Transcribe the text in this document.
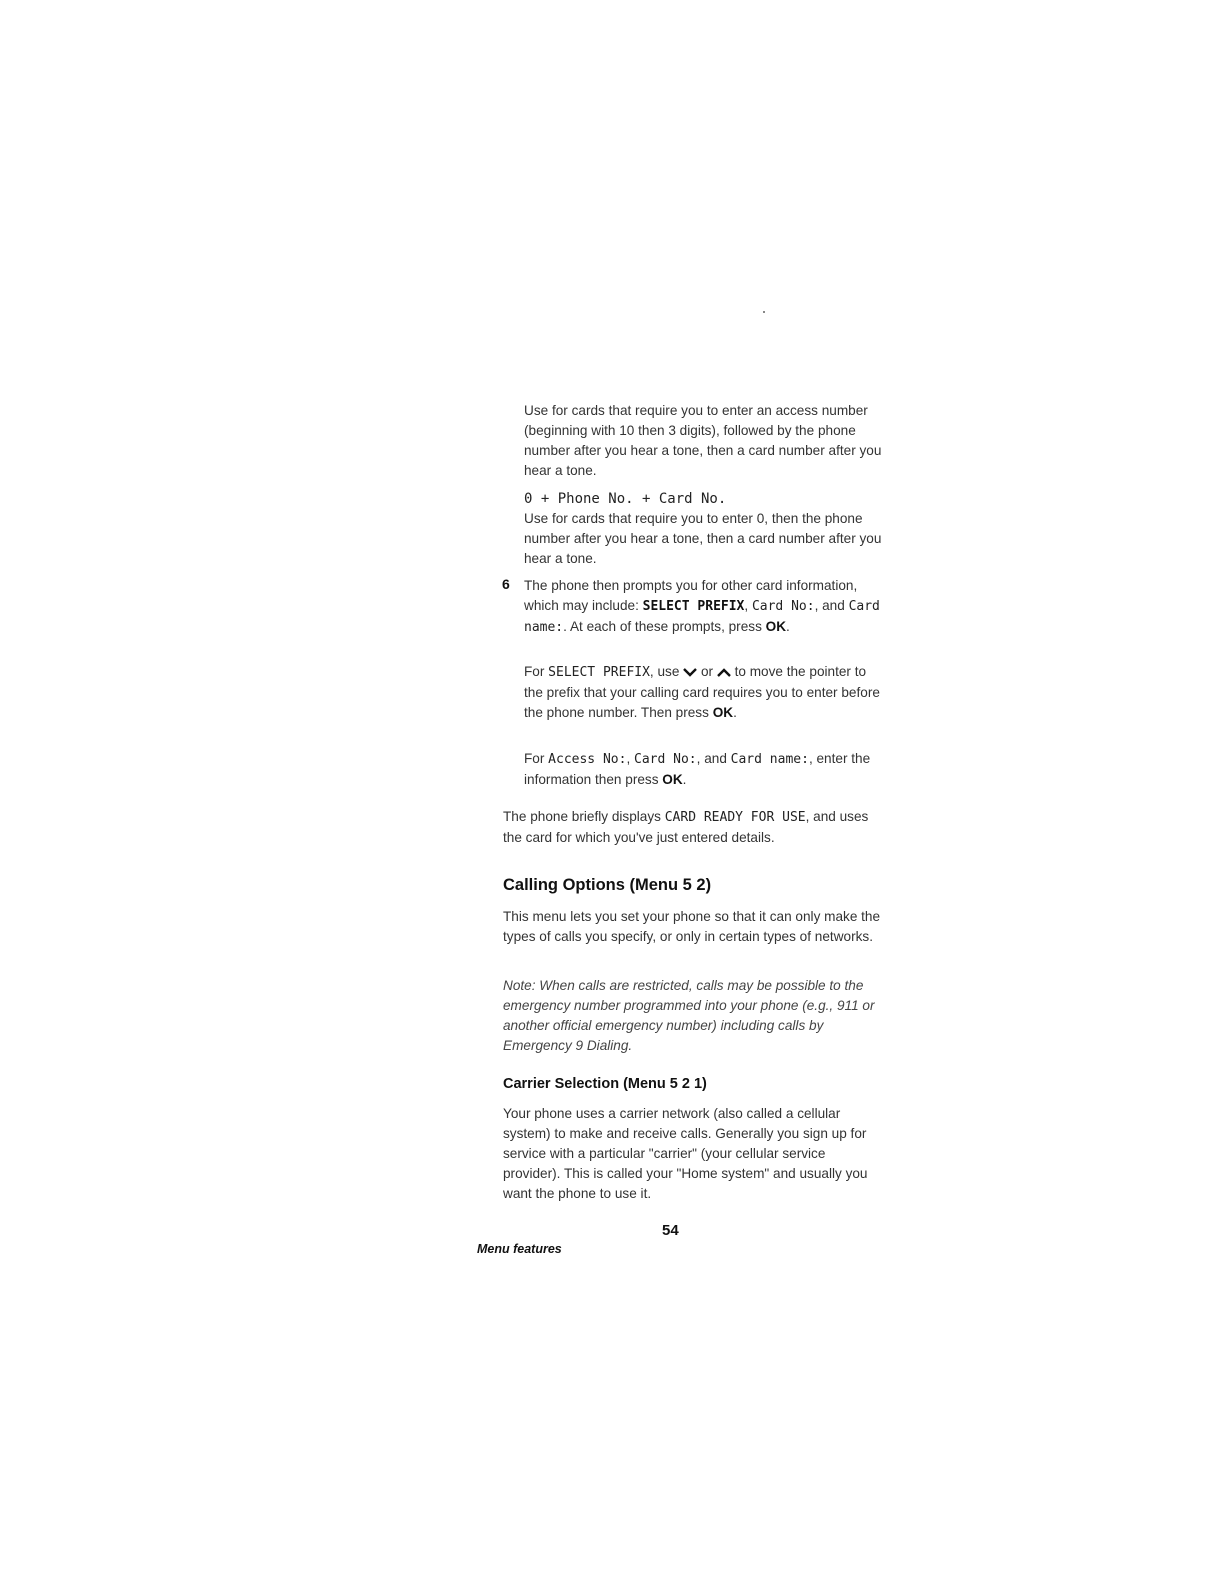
Use for cards that require you to enter an access number (beginning with 10 then 3 digits), followed by the phone number after you hear a tone, then a card number after you hear a tone.

0 + Phone No. + Card No.

Use for cards that require you to enter 0, then the phone number after you hear a tone, then a card number after you hear a tone.

6 The phone then prompts you for other card information, which may include: SELECT PREFIX, Card No:, and Card name:. At each of these prompts, press OK.

For SELECT PREFIX, use  or  to move the pointer to the prefix that your calling card requires you to enter before the phone number. Then press OK.

For Access No:, Card No:, and Card name:, enter the information then press OK.

The phone briefly displays CARD READY FOR USE, and uses the card for which you've just entered details.

Calling Options (Menu 5 2)

This menu lets you set your phone so that it can only make the types of calls you specify, or only in certain types of networks.

Note: When calls are restricted, calls may be possible to the emergency number programmed into your phone (e.g., 911 or another official emergency number) including calls by Emergency 9 Dialing.

Carrier Selection (Menu 5 2 1)

Your phone uses a carrier network (also called a cellular system) to make and receive calls. Generally you sign up for service with a particular "carrier" (your cellular service provider). This is called your "Home system" and usually you want the phone to use it.

54
Menu features
